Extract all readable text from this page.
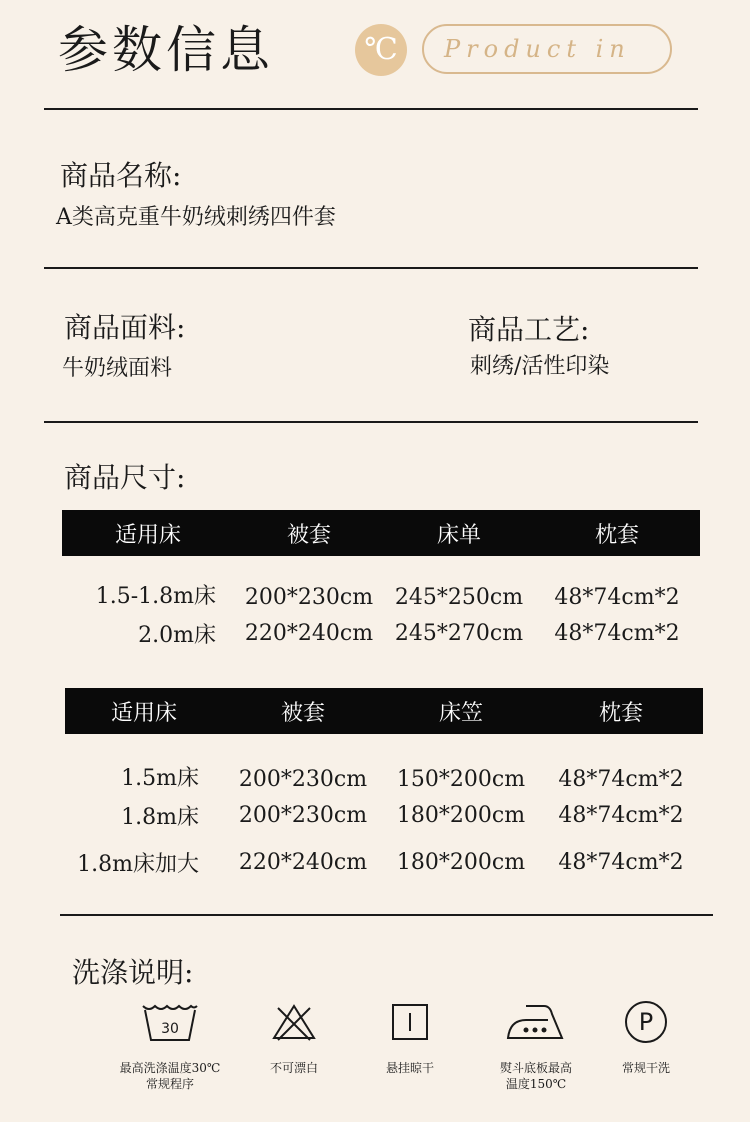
参数信息	℃	Product in
商品名称:
A类高克重牛奶绒刺绣四件套
商品面料:
牛奶绒面料
商品工艺:
刺绣/活性印染
商品尺寸:
适用床	被套	床单	枕套
1.5-1.8m床	200*230cm	245*250cm	48*74cm*2
2.0m床	220*240cm	245*270cm	48*74cm*2
适用床	被套	床笠	枕套
1.5m床	200*230cm	150*200cm	48*74cm*2
1.8m床	200*230cm	180*200cm	48*74cm*2
1.8m床加大	220*240cm	180*200cm	48*74cm*2
洗涤说明:
30
最高洗涤温度30℃
常规程序
不可漂白	悬挂晾干	熨斗底板最高
温度150℃
P
常规干洗
